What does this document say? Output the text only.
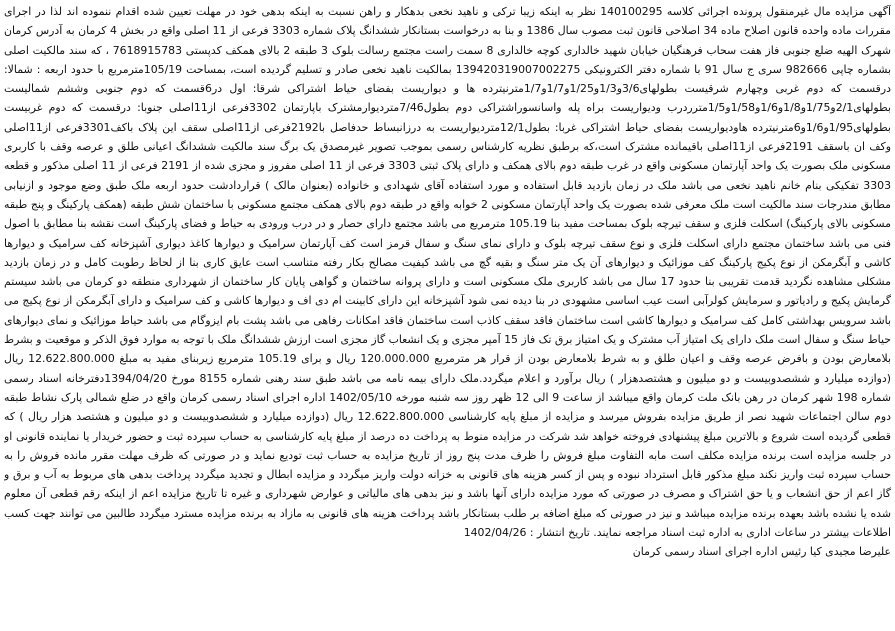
آگهی مزایده مال غیرمنقول پرونده اجرائی کلاسه 140100295 نظر به اینکه زیبا ترکی و ناهید نخعی بدهکار و راهن نسبت به اینکه بدهی خود در مهلت تعیین شده اقدام ننموده اند لذا در اجرای مقررات ماده واحده قانون اصلاح ماده 34 اصلاحی قانون ثبت مصوب سال 1386 و بنا به درخواست بستانکار ششدانگ پلاک شماره 3303 فرعی از 11 اصلی واقع در بخش 4 کرمان به آدرس کرمان شهرک الهیه ضلع جنوبی فاز هفت سحاب فرهنگیان خیابان شهید خالداری کوچه خالداری 8 سمت راست مجتمع رسالت بلوک 3 طبقه 2 بالای همکف کدپستی 7618915783 ، که سند مالکیت اصلی بشماره چاپی 982666 سری ج سال 91 با شماره دفتر الکترونیکی 139420319007002275 بمالکیت ناهید نخعی صادر و تسلیم گردیده است، بمساحت 105/19مترمربع با حدود اربعه : شمالا: درقسمت که دوم غربی وچهارم شرقیست بطولهای3/6و1/3و1/25و1/7و1/7مترنیترده ها و دیواریست بفضای حیاط اشتراکی شرقا: اول در6قسمت که دوم جنوبی وششم شمالیست بطولهای2/1و1/75و1/8و1/6و1/58و1/5مترردرب ودیواریست براه پله واسانسوراشتراکی دوم بطول7/46متردیوارمشترک باپارتمان 3302فرعی از11اصلی جنوبا: درقسمت که دوم غربیست بطولهای1/95و1/6و6مترنیترده هاودیواریست بفضای حیاط اشتراکی غربا: بطول12/1متردیواریست به درزانبساط حدفاصل با2192فرعی از11اصلی سقف این پلاک باکف3301فرعی از11اصلی وکف ان باسقف 2191فرعی از11اصلی باقیمانده مشترک است،که برطبق نظریه کارشناس رسمی بموجب تصویر غیرمصدق یک برگ سند مالکیت ششدانگ اعیانی طلق و عرصه وقف با کاربری مسکونی ملک بصورت یک واحد آپارتمان مسکونی واقع در غرب طبقه دوم بالای همکف و دارای پلاک ثبتی 3303 فرعی از 11 اصلی مفروز و مجزی شده از 2191 فرعی از 11 اصلی مذکور و قطعه 3303 تفکیکی بنام خانم ناهید نخعی می باشد ملک در زمان بازدید قابل استفاده و مورد استفاده آقای شهدادی و خانواده (بعنوان مالک ) قراردادشت حدود اربعه ملک طبق وضع موجود و ازنیابی مطابق مندرجات سند مالکیت است ملک معرفی شده بصورت یک واحد آپارتمان مسکونی 2 خوابه واقع در طبقه دوم بالای همکف مجتمع مسکونی با ساختمان شش طبقه (همکف پارکینگ و پنج طبقه مسکونی بالای پارکینگ) اسکلت فلزی و سقف تیرچه بلوک بمساحت مفید بنا 105.19 مترمربع می باشد مجتمع دارای حصار و در درب ورودی به حیاط و فضای پارکینگ است نقشه بنا مطابق با اصول فنی می باشد ساختمان مجتمع دارای اسکلت فلزی و نوع سقف تیرچه بلوک و دارای نمای سنگ و سفال قرمز است کف آپارتمان سرامیک و دیوارها کاغذ دیواری آشپزخانه کف سرامیک و دیوارها کاشی و آبگرمکن از نوع پکیج پارکینگ کف موزائیک و دیوارهای آن یک متر سنگ و بقیه گچ می باشد کیفیت مصالح بکار رفته متناسب است عایق کاری بنا از لحاظ رطوبت کامل و در زمان بازدید مشکلی مشاهده نگردید قدمت تقریبی بنا حدود 17 سال می باشد کاربری ملک مسکونی است و دارای پروانه ساختمان و گواهی پایان کار ساختمان از شهرداری منطقه دو کرمان می باشد سیستم گرمایش پکیج و رادیاتور و سرمایش کولرآبی است عیب اساسی مشهودی در بنا دیده نمی شود آشپزخانه این دارای کابینت ام دی اف و دیوارها کاشی و کف سرامیک و دارای آبگرمکن از نوع پکیج می باشد سرویس بهداشتی کامل کف سرامیک و دیوارها کاشی است ساختمان فاقد سقف کاذب است ساختمان فاقد امکانات رفاهی می باشد پشت بام ایزوگام می باشد حیاط موزائیک و نمای دیوارهای حیاط سنگ و سفال است ملک دارای یک امتیاز آب مشترک و یک امتیاز برق تک فاز 15 آمپر مجزی و یک انشعاب گاز مجزی است ارزش ششدانگ ملک با توجه به موارد فوق الذکر و موقعیت و بشرط بلامعارض بودن و بافرض عرصه وقف و اعیان طلق و به شرط بلامعارض بودن از قرار هر مترمربع 120.000.000 ریال و برای 105.19 مترمربع زیربنای مفید به مبلغ 12.622.800.000 ریال (دوازده میلیارد و ششصدوبیست و دو میلیون و هشتصدهزار ) ریال برآورد و اعلام میگردد.ملک دارای بیمه نامه می باشد طبق سند رهنی شماره 8155 مورخ 1394/04/20دفترخانه اسناد رسمی شماره 198 شهر کرمان در رهن بانک ملت کرمان واقع میباشد از ساعت 9 الی 12 ظهر روز سه شنبه مورخه 1402/05/10 اداره اجرای اسناد رسمی کرمان واقع در ضلع شمالی پارک نشاط طبقه دوم سالن اجتماعات شهید نصر از طریق مزایده بفروش میرسد و مزایده از مبلغ پایه کارشناسی 12.622.800.000 ریال (دوازده میلیارد و ششصدوبیست و دو میلیون و هشتصد هزار ریال ) که قطعی گردیده است شروع و بالاترین مبلغ پیشنهادی فروخته خواهد شد شرکت در مزایده منوط به پرداخت ده درصد از مبلغ پایه کارشناسی به حساب سپرده ثبت و حضور خریدار یا نماینده قانونی او در جلسه مزایده است برنده مزایده مکلف است مابه التفاوت مبلغ فروش را ظرف مدت پنج روز از تاریخ مزایده به حساب ثبت تودیع نماید و در صورتی که ظرف مهلت مقرر مانده فروش را به حساب سپرده ثبت واریز نکند مبلغ مذکور قابل استرداد نبوده و پس از کسر هزینه های قانونی به خزانه دولت واریز میگردد و مزایده ابطال و تجدید میگردد پرداخت بدهی های مربوط به آب و برق و گاز اعم از حق انشعاب و یا حق اشتراک و مصرف در صورتی که مورد مزایده دارای آنها باشد و نیز بدهی های مالیاتی و عوارض شهرداری و غیره تا تاریخ مزایده اعم از اینکه رقم قطعی آن معلوم شده یا نشده باشد بعهده برنده مزایده میباشد و نیز در صورتی که مبلغ اضافه بر طلب بستانکار باشد پرداخت هزینه های قانونی به مازاد به برنده مزایده مسترد میگردد طالبین می توانند جهت کسب اطلاعات بیشتر در ساعات اداری به اداره ثبت اسناد مراجعه نمایند. تاریخ انتشار : 1402/04/26

علیرضا مجیدی کیا رئیس اداره اجرای اسناد رسمی کرمان
